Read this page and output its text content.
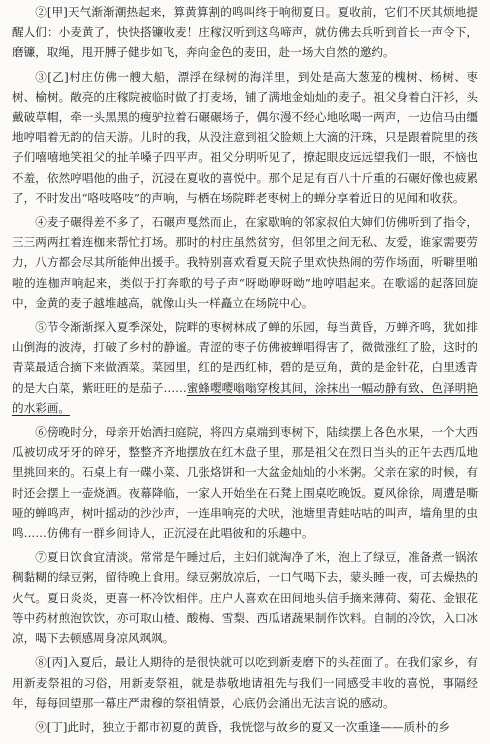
②[甲]天气渐渐潮热起来，算黄算割的鸣叫终于响彻夏日。夏收前，它们不厌其烦地提醒人们：小麦黄了，快快搭镰收麦！庄稼汉听到这鸟啼声，就仿佛去兵听到首长一声令下，磨镰，取绳，甩开膊子健步如飞，奔向金色的麦田，赴一场大自然的邀约。

③[乙]村庄仿佛一艘大船，漂浮在绿树的海洋里，到处是高大葱茏的槐树、杨树、枣树、榆树。敞亮的庄稼院被临时做了打麦场，铺了满地金灿灿的麦子。祖父身着白汗衫，头戴破草帽，牵一头黑黑的瘦驴拉着石碾碾场子，偶尔漫不经心地吆喝一两声，一边信马由缰地哼唱着无韵的信天游。儿时的我，从没注意到祖父脸颊上大滴的汗珠，只是跟着院里的孩子们嘻嘻地笑祖父的扯羊嗓子四平声。祖父分明听见了，撩起眼皮远远望我们一眼，不恼也不羞，依然哼唱他的曲子，沉浸在夏收的喜悦中。那个足足有百八十斤重的石碾好像也疲累了，不时发出“咯吱咯吱”的声响，与栖在场院畔老枣树上的蝉分享着近日的见闻和收获。

④麦子碾得差不多了，石碾声戛然而止，在家歇晌的邻家叔伯大婶们仿佛听到了指令，三三两两扛着连枷来帮忙打场。那时的村庄虽然贫穷，但邻里之间无私、友爱，谁家需要劳力，八方都会尽其所能伸出援手。我特别喜欢看夏天院子里欢快热闹的劳作场面，听噼里啪啦的连枷声响起来，类似于打奔歌的号子声“呀呦咿呀呦”地哼唱起来。在歌谣的起落回旋中，金黄的麦子越堆越高，就像山头一样矗立在场院中心。

⑤节令渐渐探入夏季深处，院畔的枣树林成了蝉的乐园，每当黄昏，万蝉齐鸣，犹如排山倒海的波涛，打破了乡村的静谧。青涩的枣子仿佛被蝉唱得害了，微微涨红了脸，这时的青菜最适合摘下来做酒菜。菜园里，红的是西红柿，碧的是豆角，黄的是金针花，白里透青的是大白菜，紫旺旺的是茄子……蜜蜂嘤嘤嗡嗡穿梭其间，涂抹出一幅动静有致、色泽明艳的水彩画。

⑥傍晚时分，母亲开始洒扫庭院，将四方桌端到枣树下，陆续摆上各色水果，一个大西瓜被切成牙牙的碎牙，整整齐齐地摆放在红木盘子里，那是祖父在烈日当头的正午去西瓜地里挑回来的。石桌上有一碟小菜、几张烙饼和一大盆金灿灿的小米粥。父亲在家的时候，有时还会摆上一壶烧酒。夜幕降临，一家人开始坐在石凳上围桌吃晚饭。夏风徐徐，周遭是嘶哑的蝉鸣声，树叶摇动的沙沙声，一连串响亮的犬吠，池塘里青蛙咕咕的叫声，墙角里的虫鸣……仿佛有一群乡间诗人，正沉浸在此唱彼和的乐趣中。

⑦夏日饮食宜清淡。常常是午睡过后，主妇们就淘净了米，泡上了绿豆，准备煮一锅浓稠黏糊的绿豆粥，留待晚上食用。绿豆粥放凉后，一口气喝下去，蒙头睡一夜，可去燥热的火气。夏日炎炎，更喜一杯冷饮相伴。庄户人喜欢在田间地头信手摘来薄荷、菊花、金银花等中药材煎泡饮饮，亦可取山楂、酸梅、雪梨、西瓜诸蔬果制作饮料。自制的冷饮，入口冰凉，喝下去顿感周身凉风飒飒。

⑧[丙]入夏后，最让人期待的是很快就可以吃到新麦磨下的头茬面了。在我们家乡，有用新麦祭祖的习俗，用新麦祭祖，就是恭敬地请祖先与我们一同感受丰收的喜悦，事隔经年，每每回望那一幕庄严肃穆的祭祖情景，心底仍会涌出无法言说的感动。

⑨[丁]此时，独立于都市初夏的黄昏，我恍惚与故乡的夏又一次重逢——质朴的乡
